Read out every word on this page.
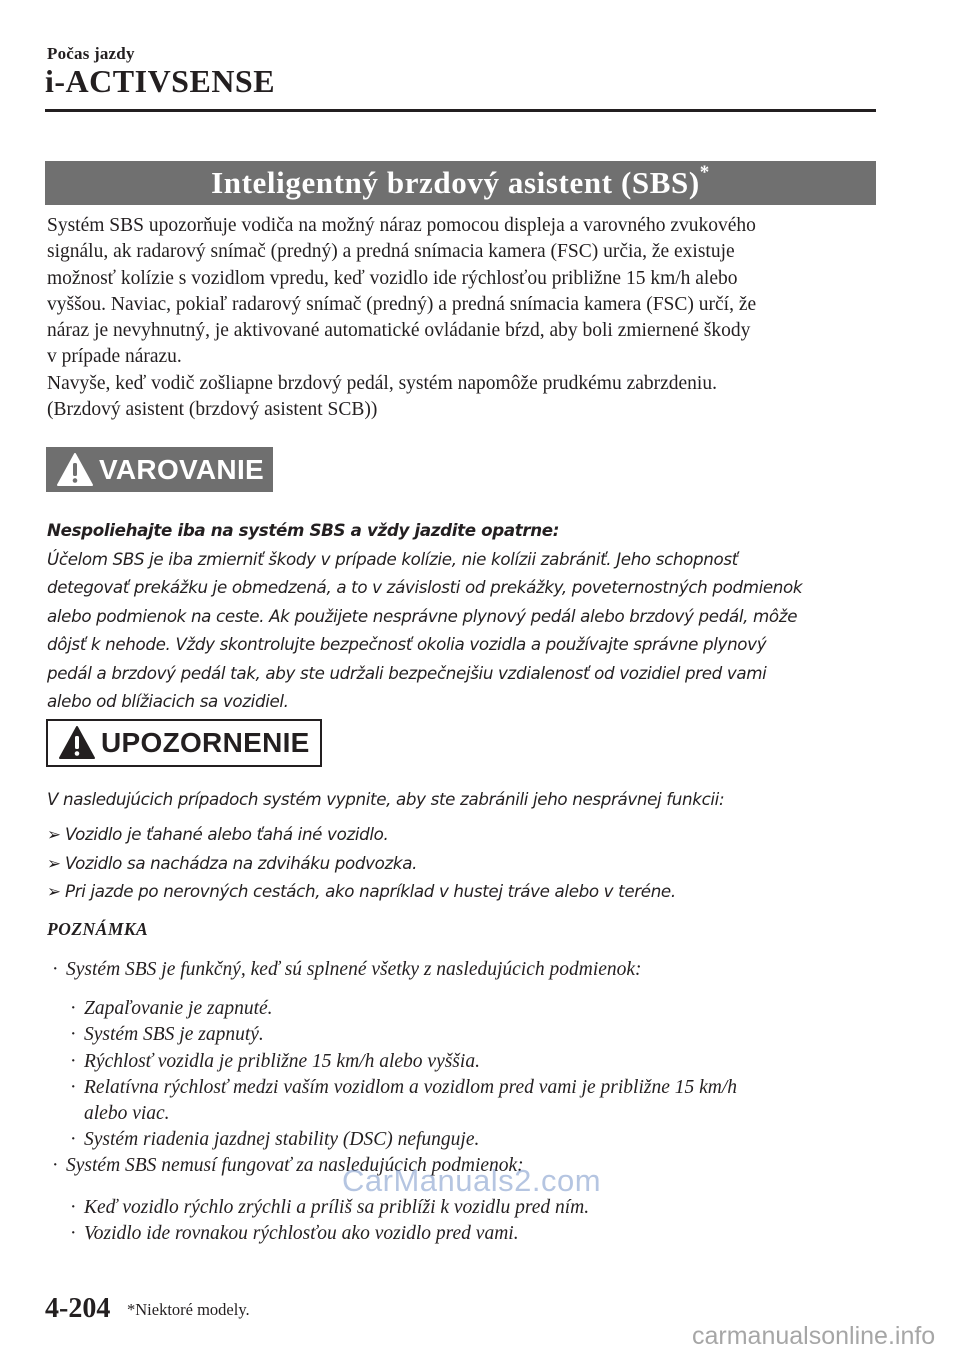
Počas jazdy
i-ACTIVSENSE
Inteligentný brzdový asistent (SBS)*

Systém SBS upozorňuje vodiča na možný náraz pomocou displeja a varovného zvukového

signálu, ak radarový snímač (predný) a predná snímacia kamera (FSC) určia, že existuje

možnosť kolízie s vozidlom vpredu, keď vozidlo ide rýchlosťou približne 15 km/h alebo

vyššou. Naviac, pokiaľ radarový snímač (predný) a predná snímacia kamera (FSC) určí, že

náraz je nevyhnutný, je aktivované automatické ovládanie bŕzd, aby boli zmiernené škody

v prípade nárazu.

Navyše, keď vodič zošliapne brzdový pedál, systém napomôže prudkému zabrzdeniu.

(Brzdový asistent (brzdový asistent SCB))

VAROVANIE

Nespoliehajte iba na systém SBS a vždy jazdite opatrne:

Účelom SBS je iba zmierniť škody v prípade kolízie, nie kolízii zabrániť. Jeho schopnosť

detegovať prekážku je obmedzená, a to v závislosti od prekážky, poveternostných podmienok

alebo podmienok na ceste. Ak použijete nesprávne plynový pedál alebo brzdový pedál, môže

dôjsť k nehode. Vždy skontrolujte bezpečnosť okolia vozidla a používajte správne plynový

pedál a brzdový pedál tak, aby ste udržali bezpečnejšiu vzdialenosť od vozidiel pred vami

alebo od blížiacich sa vozidiel.

UPOZORNENIE
V nasledujúcich prípadoch systém vypnite, aby ste zabránili jeho nesprávnej funkcii:
➢ Vozidlo je ťahané alebo ťahá iné vozidlo.
➢ Vozidlo sa nachádza na zdviháku podvozka.
➢ Pri jazde po nerovných cestách, ako napríklad v hustej tráve alebo v teréne.
POZNÁMKA
· Systém SBS je funkčný, keď sú splnené všetky z nasledujúcich podmienok:
· Zapaľovanie je zapnuté.
· Systém SBS je zapnutý.
· Rýchlosť vozidla je približne 15 km/h alebo vyššia.
· Relatívna rýchlosť medzi vaším vozidlom a vozidlom pred vami je približne 15 km/h
alebo viac.
· Systém riadenia jazdnej stability (DSC) nefunguje.
· Systém SBS nemusí fungovať za nasledujúcich podmienok:
· Keď vozidlo rýchlo zrýchli a príliš sa priblíži k vozidlu pred ním.
· Vozidlo ide rovnakou rýchlosťou ako vozidlo pred vami.
CarManuals2.com
4-204 *Niektoré modely.
carmanualsonline.info
